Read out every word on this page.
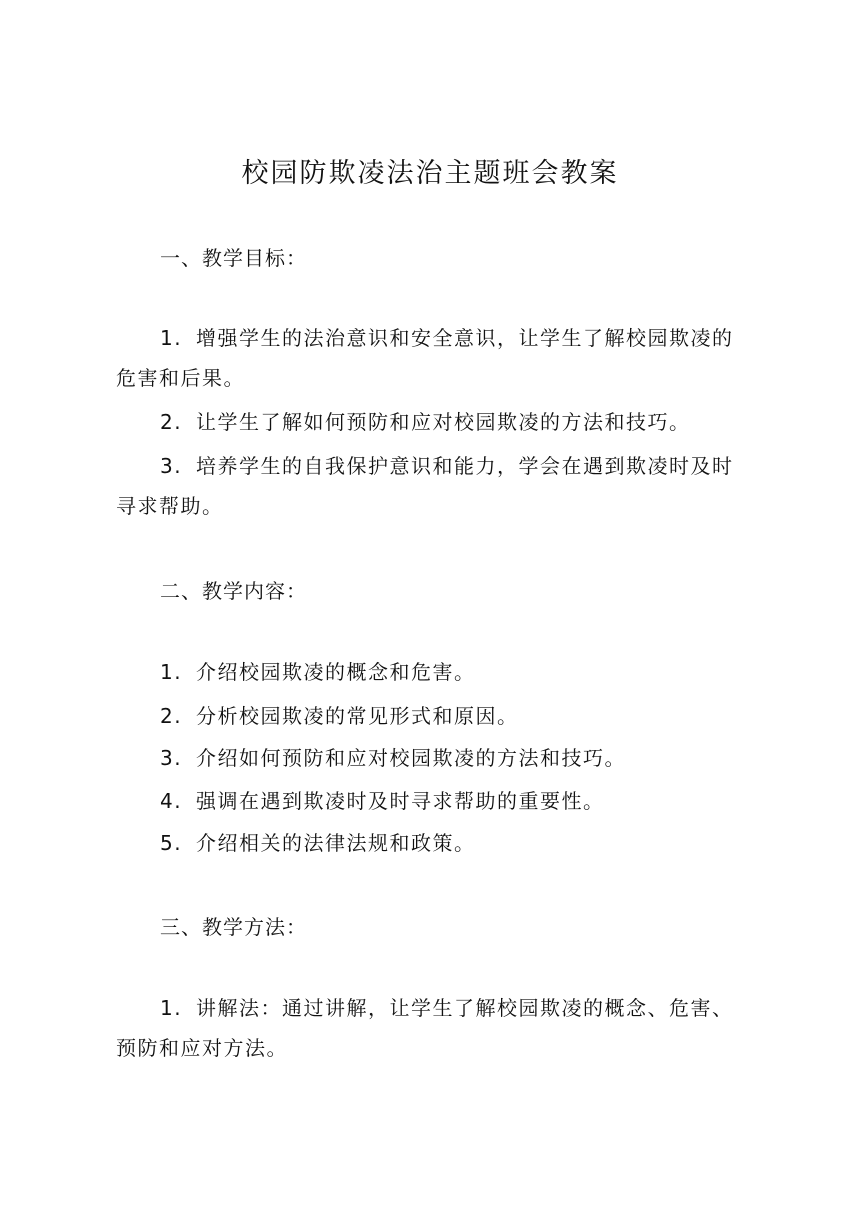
校园防欺凌法治主题班会教案
一、教学目标：
1. 增强学生的法治意识和安全意识，让学生了解校园欺凌的危害和后果。
2. 让学生了解如何预防和应对校园欺凌的方法和技巧。
3. 培养学生的自我保护意识和能力，学会在遇到欺凌时及时寻求帮助。
二、教学内容：
1. 介绍校园欺凌的概念和危害。
2. 分析校园欺凌的常见形式和原因。
3. 介绍如何预防和应对校园欺凌的方法和技巧。
4. 强调在遇到欺凌时及时寻求帮助的重要性。
5. 介绍相关的法律法规和政策。
三、教学方法：
1. 讲解法：通过讲解，让学生了解校园欺凌的概念、危害、预防和应对方法。
